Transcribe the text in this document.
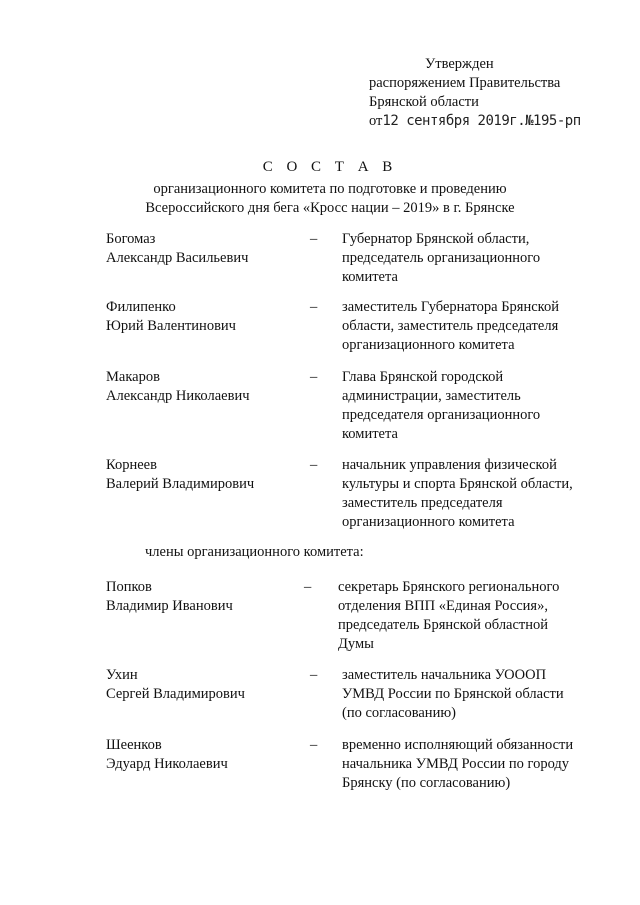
Утвержден
распоряжением Правительства
Брянской области
от12 сентября 2019г.№195-рп
С О С Т А В
организационного комитета по подготовке и проведению
Всероссийского дня бега «Кросс нации – 2019» в г. Брянске
Богомаз
Александр Васильевич
– Губернатор Брянской области,
председатель организационного
комитета
Филипенко
Юрий Валентинович
– заместитель Губернатора Брянской
области, заместитель председателя
организационного комитета
Макаров
Александр Николаевич
– Глава Брянской городской
администрации, заместитель
председателя организационного
комитета
Корнеев
Валерий Владимирович
– начальник управления физической
культуры и спорта Брянской области,
заместитель председателя
организационного комитета
члены организационного комитета:
Попков
Владимир Иванович
– секретарь Брянского регионального
отделения ВПП «Единая Россия»,
председатель Брянской областной
Думы
Ухин
Сергей Владимирович
– заместитель начальника УОООП
УМВД России по Брянской области
(по согласованию)
Шеенков
Эдуард Николаевич
– временно исполняющий обязанности
начальника УМВД России по городу
Брянску (по согласованию)
